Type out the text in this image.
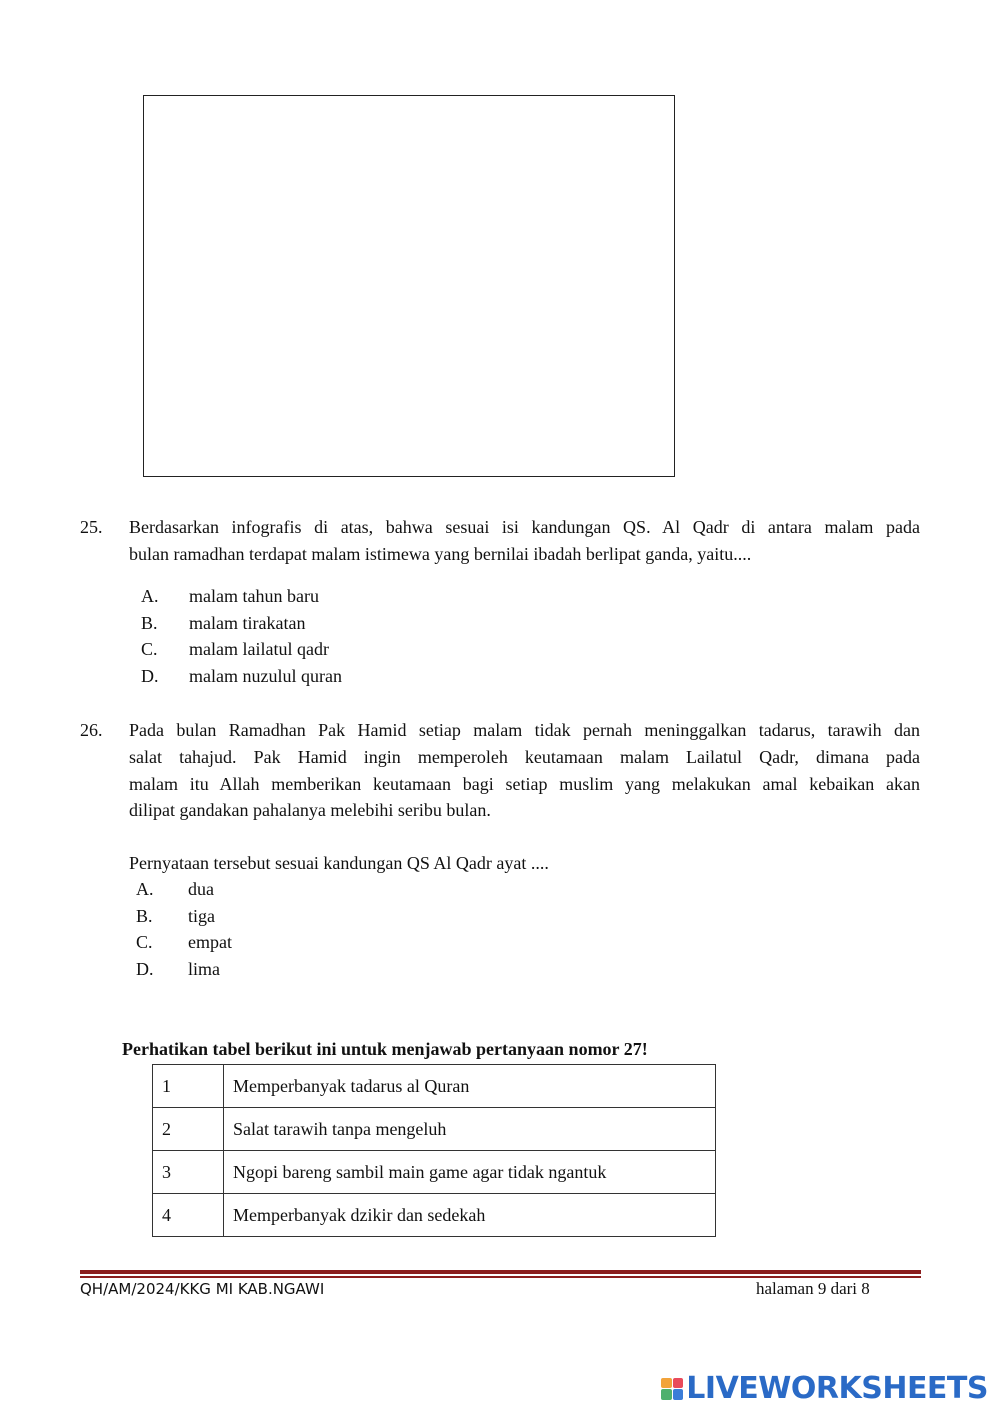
25. Berdasarkan infografis di atas, bahwa sesuai isi kandungan QS. Al Qadr di antara malam pada
bulan ramadhan terdapat malam istimewa yang bernilai ibadah berlipat ganda, yaitu....
A. malam tahun baru
B. malam tirakatan
C. malam lailatul qadr
D. malam nuzulul quran
26. Pada bulan Ramadhan Pak Hamid setiap malam tidak pernah meninggalkan tadarus, tarawih dan
salat tahajud. Pak Hamid ingin memperoleh keutamaan malam Lailatul Qadr, dimana pada
malam itu Allah memberikan keutamaan bagi setiap muslim yang melakukan amal kebaikan akan
dilipat gandakan pahalanya melebihi seribu bulan.
Pernyataan tersebut sesuai kandungan QS Al Qadr ayat ....
A. dua
B. tiga
C. empat
D. lima
Perhatikan tabel berikut ini untuk menjawab pertanyaan nomor 27!
1	Memperbanyak tadarus al Quran
2	Salat tarawih tanpa mengeluh
3	Ngopi bareng sambil main game agar tidak ngantuk
4	Memperbanyak dzikir dan sedekah
QH/AM/2024/KKG MI KAB.NGAWI	halaman 9 dari 8
LIVEWORKSHEETS
